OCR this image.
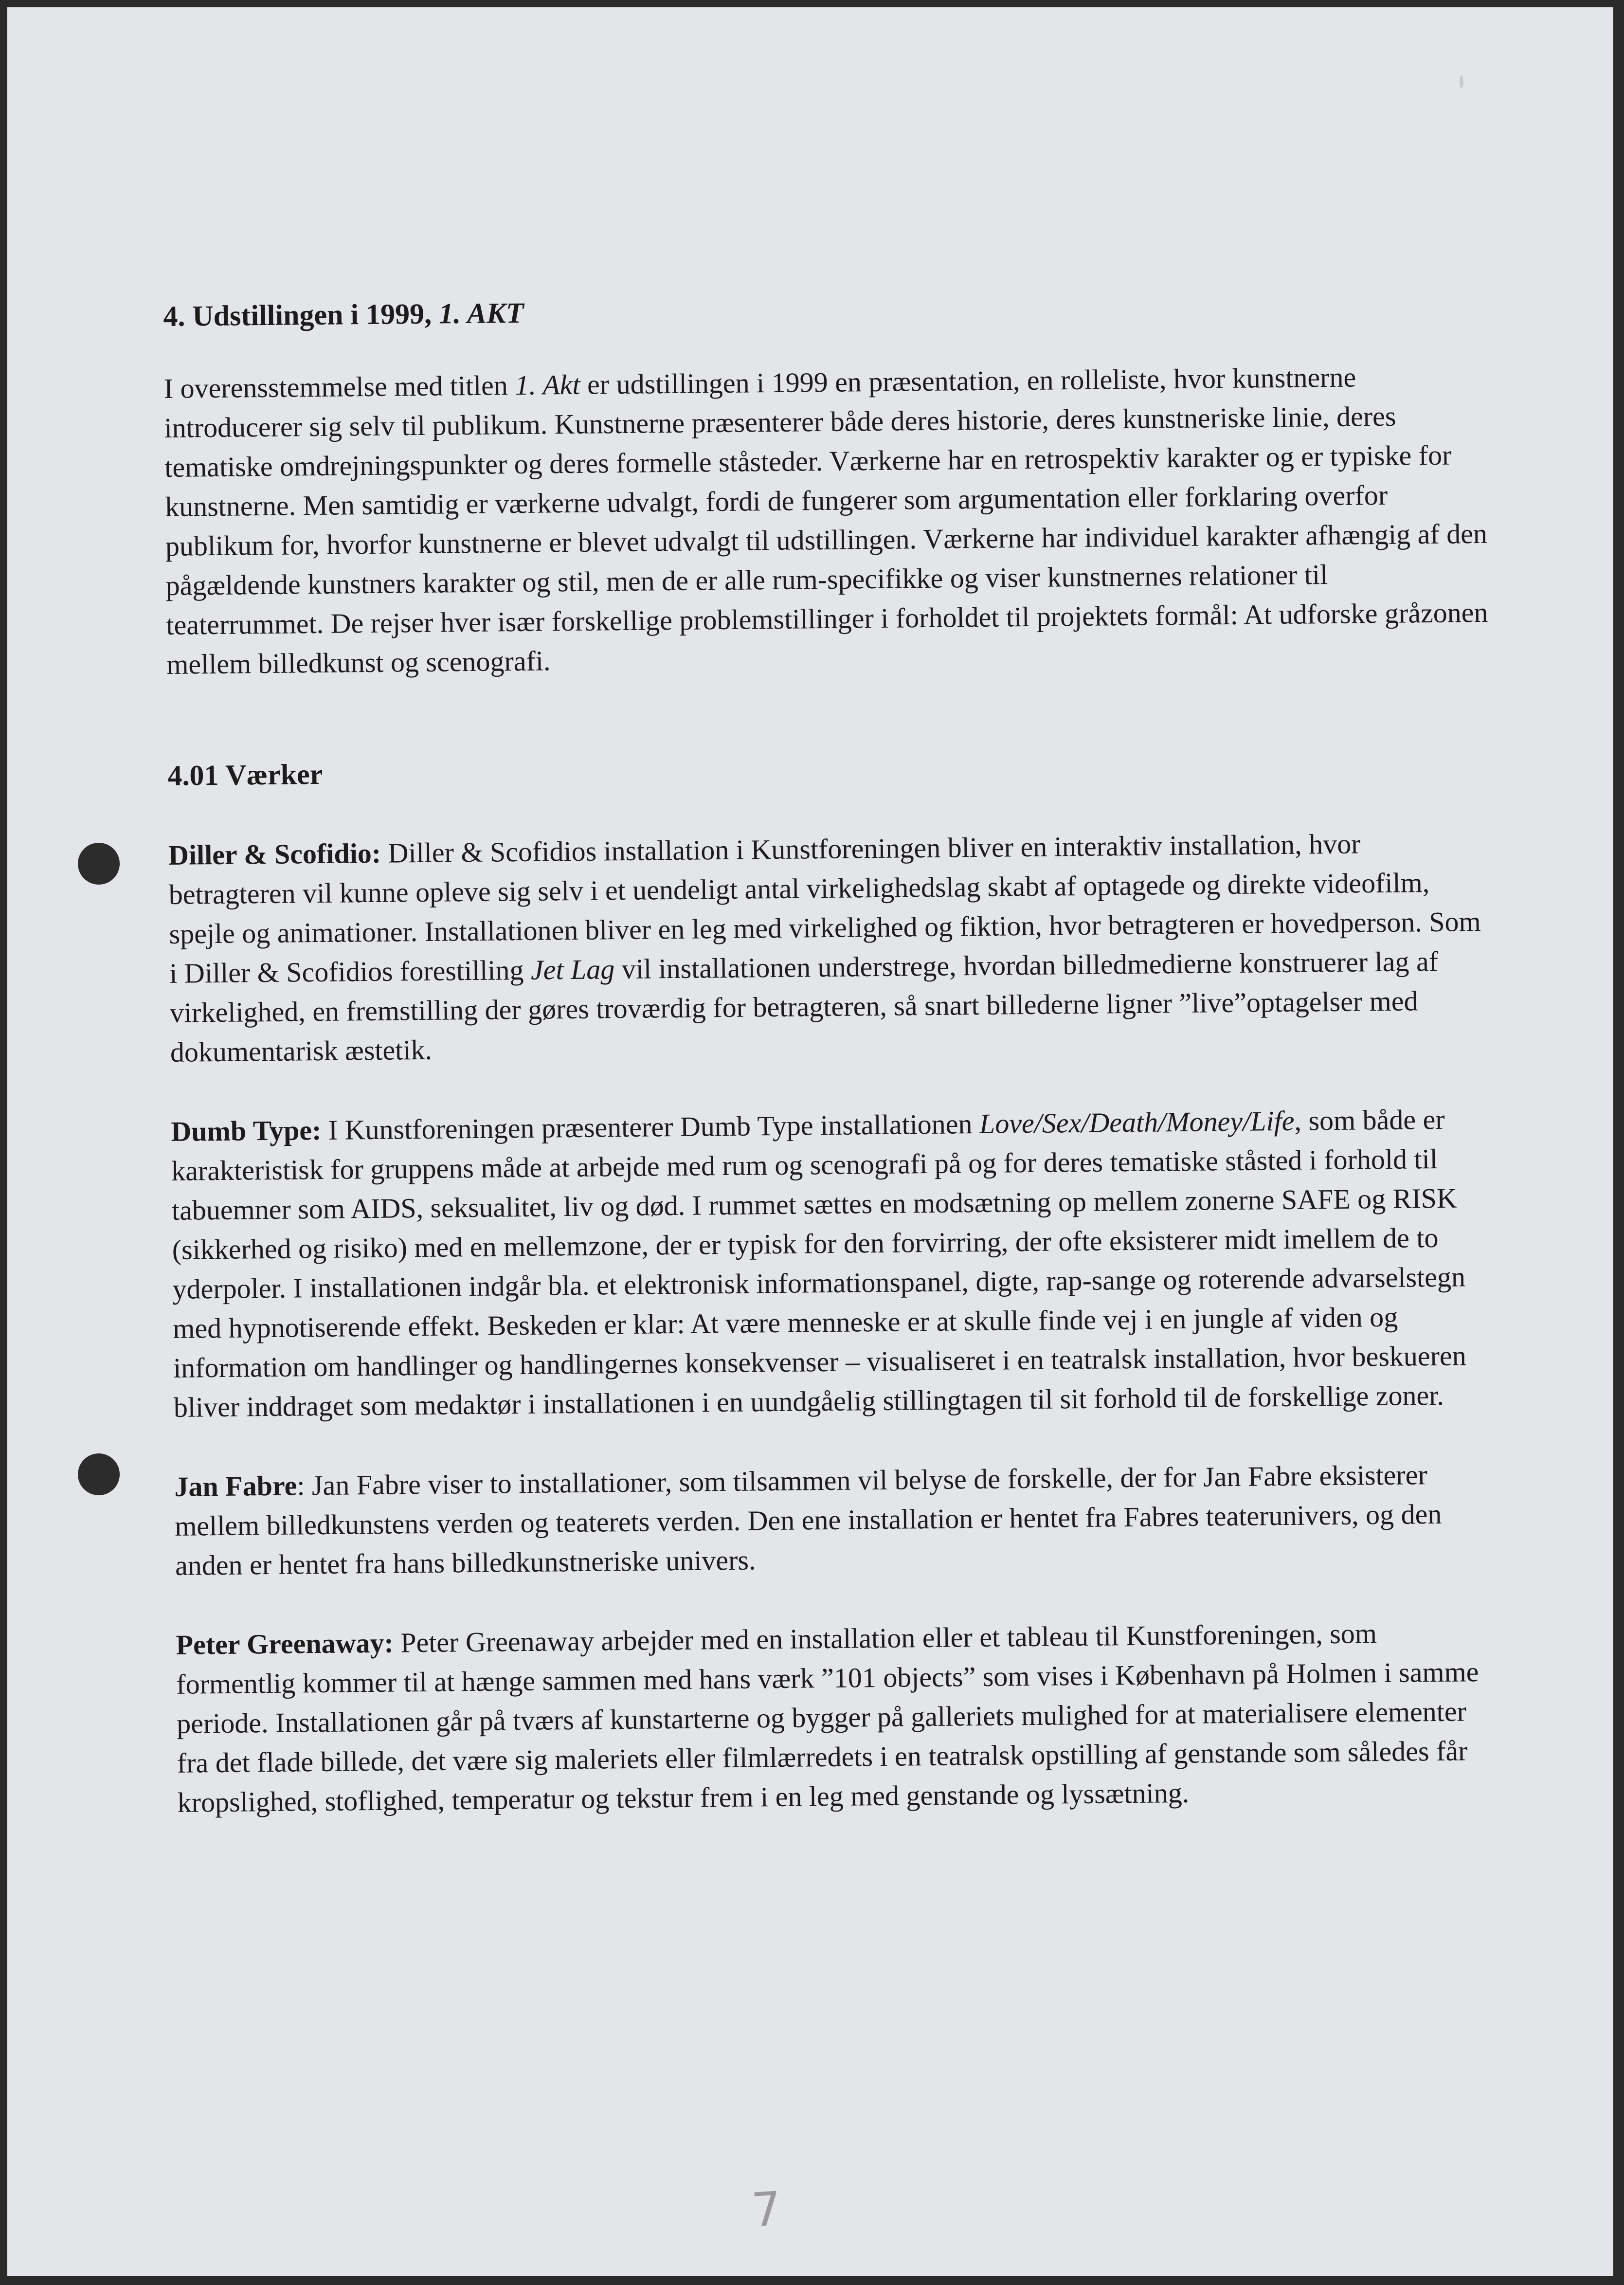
4. Udstillingen i 1999, 1. AKT

I overensstemmelse med titlen 1. Akt er udstillingen i 1999 en præsentation, en rolleliste, hvor kunstnerne introducerer sig selv til publikum. Kunstnerne præsenterer både deres historie, deres kunstneriske linie, deres tematiske omdrejningspunkter og deres formelle ståsteder. Værkerne har en retrospektiv karakter og er typiske for kunstnerne. Men samtidig er værkerne udvalgt, fordi de fungerer som argumentation eller forklaring overfor publikum for, hvorfor kunstnerne er blevet udvalgt til udstillingen. Værkerne har individuel karakter afhængig af den pågældende kunstners karakter og stil, men de er alle rum-specifikke og viser kunstnernes relationer til teaterrummet. De rejser hver især forskellige problemstillinger i forholdet til projektets formål: At udforske gråzonen mellem billedkunst og scenografi.

4.01 Værker

Diller & Scofidio: Diller & Scofidios installation i Kunstforeningen bliver en interaktiv installation, hvor betragteren vil kunne opleve sig selv i et uendeligt antal virkelighedslag skabt af optagede og direkte videofilm, spejle og animationer. Installationen bliver en leg med virkelighed og fiktion, hvor betragteren er hovedperson. Som i Diller & Scofidios forestilling Jet Lag vil installationen understrege, hvordan billedmedierne konstruerer lag af virkelighed, en fremstilling der gøres troværdig for betragteren, så snart billederne ligner ”live”optagelser med dokumentarisk æstetik.

Dumb Type: I Kunstforeningen præsenterer Dumb Type installationen Love/Sex/Death/Money/Life, som både er karakteristisk for gruppens måde at arbejde med rum og scenografi på og for deres tematiske ståsted i forhold til tabuemner som AIDS, seksualitet, liv og død. I rummet sættes en modsætning op mellem zonerne SAFE og RISK (sikkerhed og risiko) med en mellemzone, der er typisk for den forvirring, der ofte eksisterer midt imellem de to yderpoler. I installationen indgår bla. et elektronisk informationspanel, digte, rap-sange og roterende advarselstegn med hypnotiserende effekt. Beskeden er klar: At være menneske er at skulle finde vej i en jungle af viden og information om handlinger og handlingernes konsekvenser – visualiseret i en teatralsk installation, hvor beskueren bliver inddraget som medaktør i installationen i en uundgåelig stillingtagen til sit forhold til de forskellige zoner.

Jan Fabre: Jan Fabre viser to installationer, som tilsammen vil belyse de forskelle, der for Jan Fabre eksisterer mellem billedkunstens verden og teaterets verden. Den ene installation er hentet fra Fabres teaterunivers, og den anden er hentet fra hans billedkunstneriske univers.

Peter Greenaway: Peter Greenaway arbejder med en installation eller et tableau til Kunstforeningen, som formentlig kommer til at hænge sammen med hans værk ”101 objects” som vises i København på Holmen i samme periode. Installationen går på tværs af kunstarterne og bygger på galleriets mulighed for at materialisere elementer fra det flade billede, det være sig maleriets eller filmlærredets i en teatralsk opstilling af genstande som således får kropslighed, stoflighed, temperatur og tekstur frem i en leg med genstande og lyssætning.

7
